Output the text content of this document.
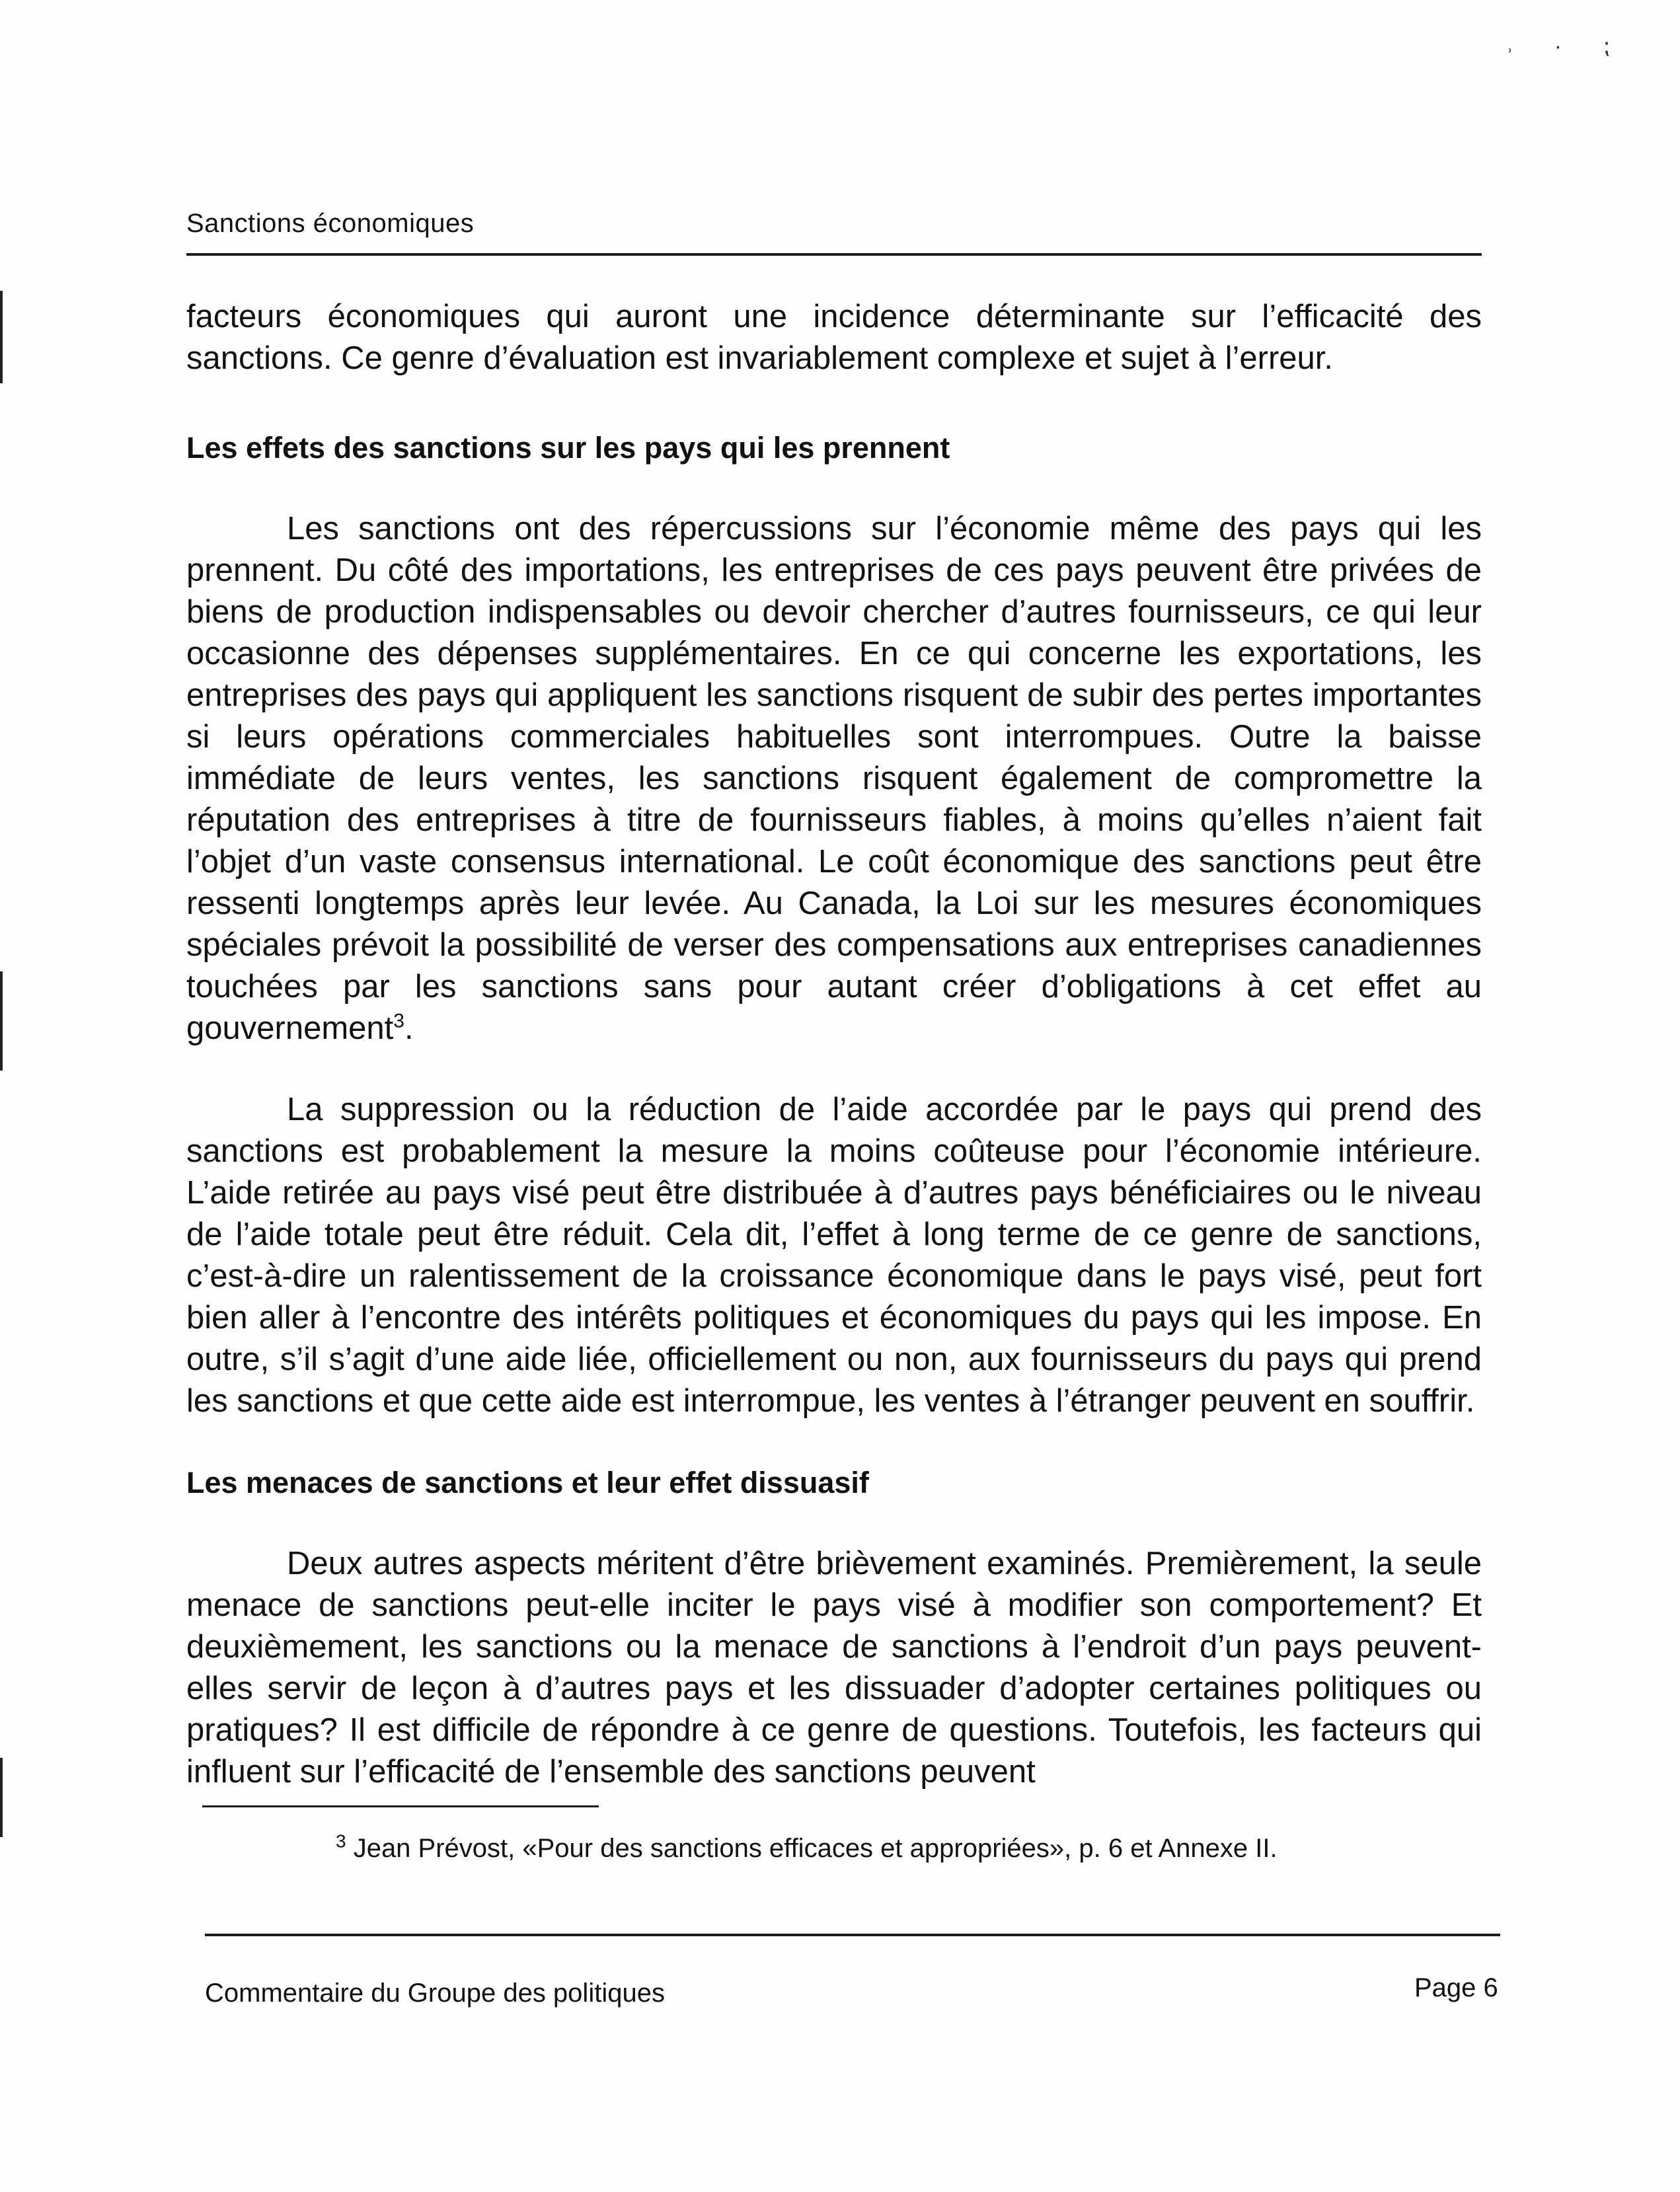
˒ · ⁏
Sanctions économiques

facteurs économiques qui auront une incidence déterminante sur l’efficacité des sanctions. Ce genre d’évaluation est invariablement complexe et sujet à l’erreur.

Les effets des sanctions sur les pays qui les prennent

Les sanctions ont des répercussions sur l’économie même des pays qui les prennent. Du côté des importations, les entreprises de ces pays peuvent être privées de biens de production indispensables ou devoir chercher d’autres fournisseurs, ce qui leur occasionne des dépenses supplémentaires. En ce qui concerne les exportations, les entreprises des pays qui appliquent les sanctions risquent de subir des pertes importantes si leurs opérations commerciales habituelles sont interrompues. Outre la baisse immédiate de leurs ventes, les sanctions risquent également de compromettre la réputation des entreprises à titre de fournisseurs fiables, à moins qu’elles n’aient fait l’objet d’un vaste consensus international. Le coût économique des sanctions peut être ressenti longtemps après leur levée. Au Canada, la Loi sur les mesures économiques spéciales prévoit la possibilité de verser des compensations aux entreprises canadiennes touchées par les sanctions sans pour autant créer d’obligations à cet effet au gouvernement$^3$.

La suppression ou la réduction de l’aide accordée par le pays qui prend des sanctions est probablement la mesure la moins coûteuse pour l’économie intérieure. L’aide retirée au pays visé peut être distribuée à d’autres pays bénéficiaires ou le niveau de l’aide totale peut être réduit. Cela dit, l’effet à long terme de ce genre de sanctions, c’est-à-dire un ralentissement de la croissance économique dans le pays visé, peut fort bien aller à l’encontre des intérêts politiques et économiques du pays qui les impose. En outre, s’il s’agit d’une aide liée, officiellement ou non, aux fournisseurs du pays qui prend les sanctions et que cette aide est interrompue, les ventes à l’étranger peuvent en souffrir.

Les menaces de sanctions et leur effet dissuasif

Deux autres aspects méritent d’être brièvement examinés. Premièrement, la seule menace de sanctions peut-elle inciter le pays visé à modifier son comportement? Et deuxièmement, les sanctions ou la menace de sanctions à l’endroit d’un pays peuvent-elles servir de leçon à d’autres pays et les dissuader d’adopter certaines politiques ou pratiques? Il est difficile de répondre à ce genre de questions. Toutefois, les facteurs qui influent sur l’efficacité de l’ensemble des sanctions peuvent

$^3$ Jean Prévost, «Pour des sanctions efficaces et appropriées», p. 6 et Annexe II.
Commentaire du Groupe des politiques	Page 6
